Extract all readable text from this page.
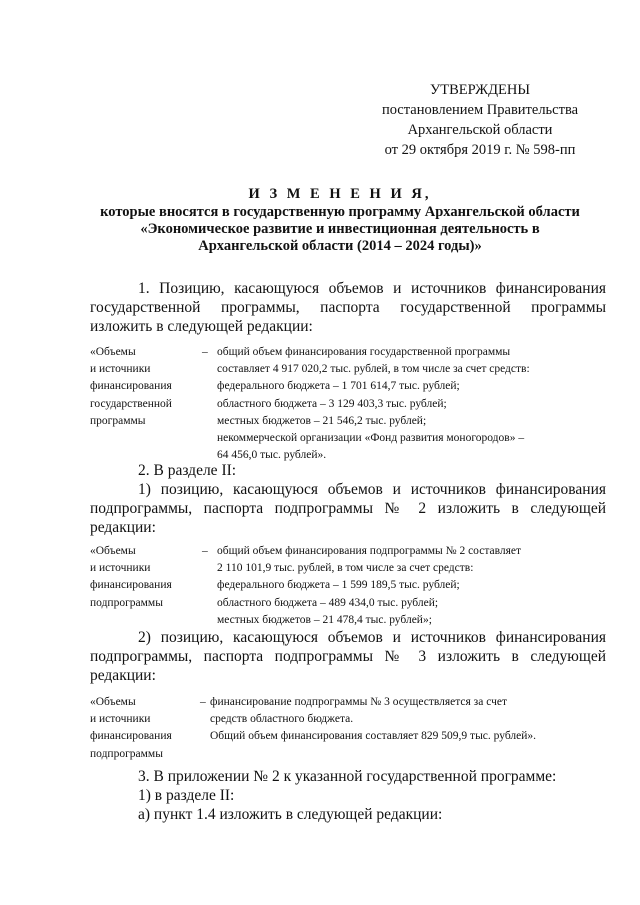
УТВЕРЖДЕНЫ
постановлением Правительства
Архангельской области
от 29 октября 2019 г. № 598-пп
И З М Е Н Е Н И Я,
которые вносятся в государственную программу Архангельской области
«Экономическое развитие и инвестиционная деятельность в
Архангельской области (2014 – 2024 годы)»
1. Позицию, касающуюся объемов и источников финансирования
государственной программы, паспорта государственной программы
изложить в следующей редакции:
«Объемы
и источники
финансирования
государственной
программы
– общий объем финансирования государственной программы
составляет 4 917 020,2 тыс. рублей, в том числе за счет средств:
федерального бюджета – 1 701 614,7 тыс. рублей;
областного бюджета – 3 129 403,3 тыс. рублей;
местных бюджетов – 21 546,2 тыс. рублей;
некоммерческой организации «Фонд развития моногородов» –
64 456,0 тыс. рублей».
2. В разделе II:
1) позицию, касающуюся объемов и источников финансирования
подпрограммы, паспорта подпрограммы № 2 изложить в следующей
редакции:
«Объемы
и источники
финансирования
подпрограммы
– общий объем финансирования подпрограммы № 2 составляет
2 110 101,9 тыс. рублей, в том числе за счет средств:
федерального бюджета – 1 599 189,5 тыс. рублей;
областного бюджета – 489 434,0 тыс. рублей;
местных бюджетов – 21 478,4 тыс. рублей»;
2) позицию, касающуюся объемов и источников финансирования
подпрограммы, паспорта подпрограммы № 3 изложить в следующей
редакции:
«Объемы
и источники
финансирования
подпрограммы
– финансирование подпрограммы № 3 осуществляется за счет
средств областного бюджета.
Общий объем финансирования составляет 829 509,9 тыс. рублей».
3. В приложении № 2 к указанной государственной программе:
1) в разделе II:
а) пункт 1.4 изложить в следующей редакции:
